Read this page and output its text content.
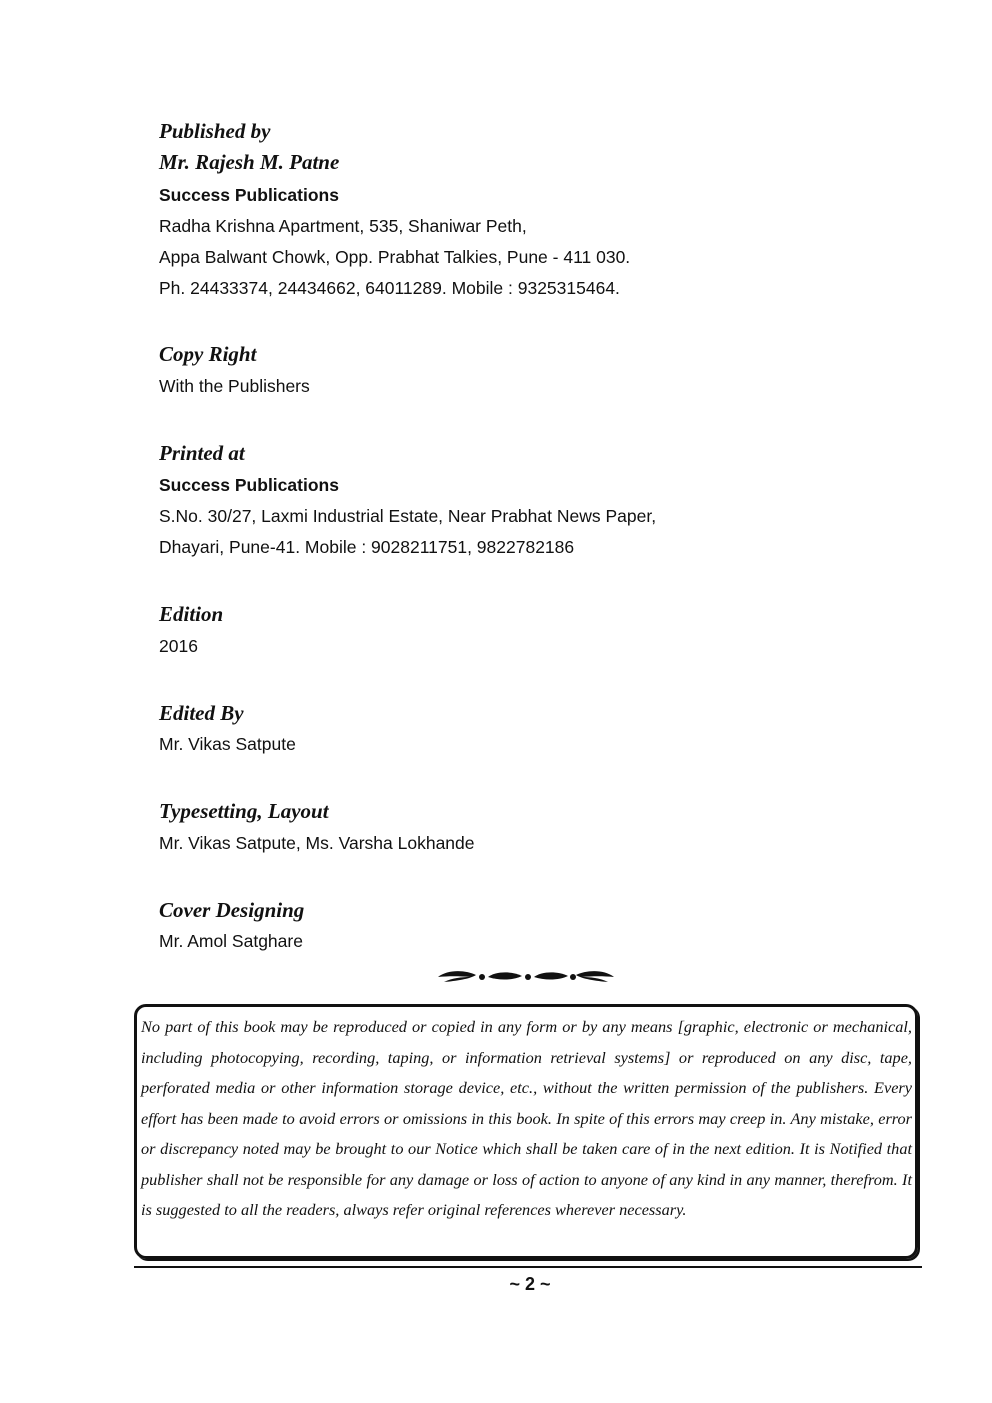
Published by
Mr. Rajesh M. Patne
Success Publications
Radha Krishna Apartment, 535, Shaniwar Peth,
Appa Balwant Chowk, Opp. Prabhat Talkies, Pune - 411 030.
Ph. 24433374, 24434662, 64011289. Mobile : 9325315464.
Copy Right
With the Publishers
Printed at
Success Publications
S.No. 30/27, Laxmi Industrial Estate, Near Prabhat News Paper,
Dhayari, Pune-41. Mobile : 9028211751, 9822782186
Edition
2016
Edited By
Mr. Vikas Satpute
Typesetting, Layout
Mr. Vikas Satpute, Ms. Varsha Lokhande
Cover Designing
Mr. Amol Satghare

No part of this book may be reproduced or copied in any form or by any means [graphic, electronic or mechanical, including photocopying, recording, taping, or information retrieval systems] or reproduced on any disc, tape, perforated media or other information storage device, etc., without the written permission of the publishers. Every effort has been made to avoid errors or omissions in this book. In spite of this errors may creep in. Any mistake, error or discrepancy noted may be brought to our Notice which shall be taken care of in the next edition. It is Notified that publisher shall not be responsible for any damage or loss of action to anyone of any kind in any manner, therefrom. It is suggested to all the readers, always refer original references wherever necessary.

~ 2 ~
